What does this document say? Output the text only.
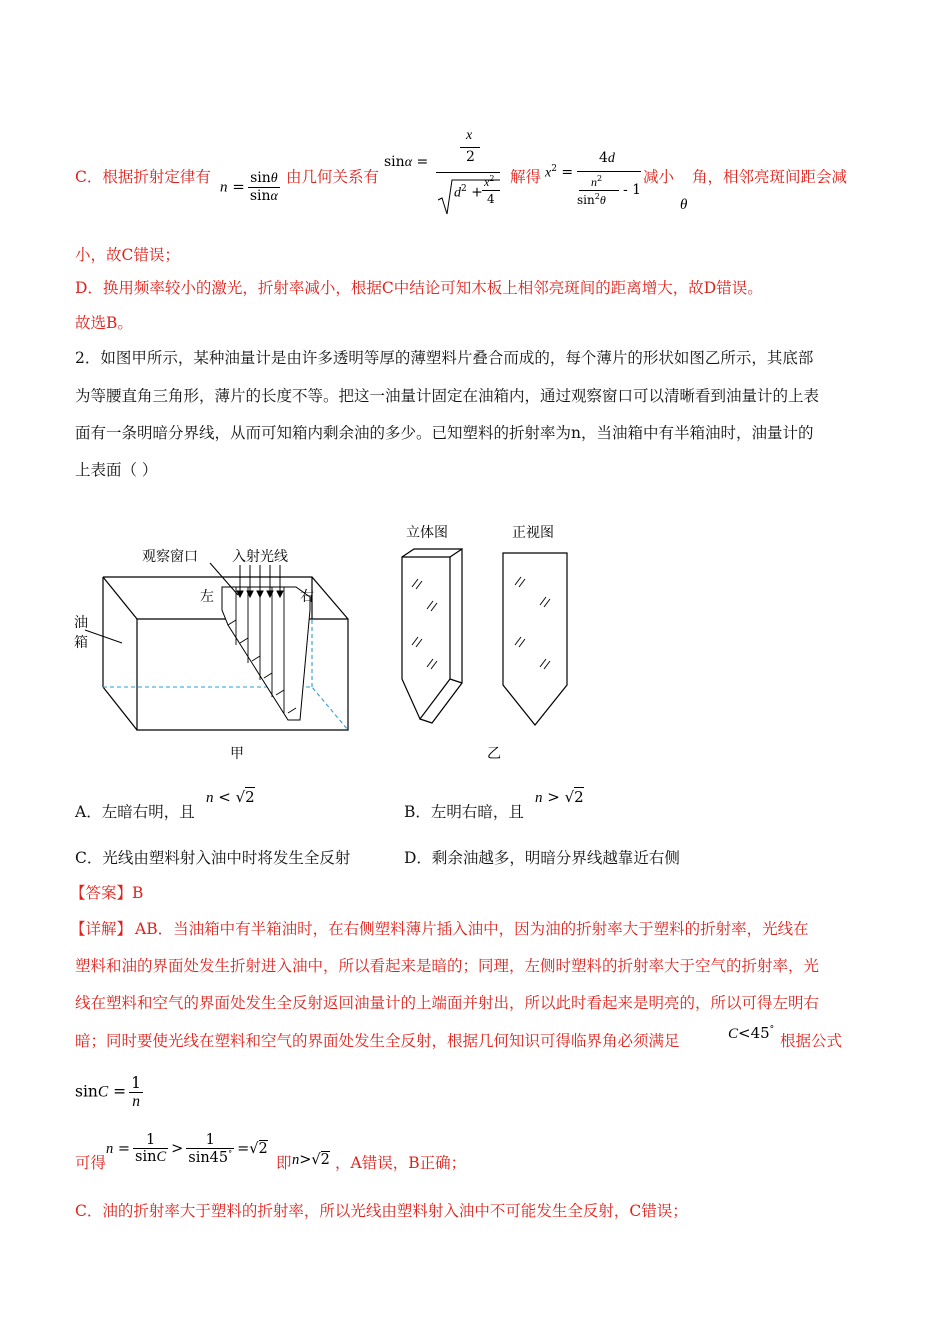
C．根据折射定律有
$n = \frac{\sin\theta}{\sin\alpha}$ 由几何关系有
sinα =
x
2
$d^2$ +
$x^2$
4
解得 $x^2$ =
4d
$n^2$
$\sin^2\theta$
- 1
减小 角，相邻亮斑间距会减
θ
小，故C错误；
D．换用频率较小的激光，折射率减小，根据C中结论可知木板上相邻亮斑间的距离增大，故D错误。
故选B。
2．如图甲所示，某种油量计是由许多透明等厚的薄塑料片叠合而成的，每个薄片的形状如图乙所示，其底部
为等腰直角三角形，薄片的长度不等。把这一油量计固定在油箱内，通过观察窗口可以清晰看到油量计的上表
面有一条明暗分界线，从而可知箱内剩余油的多少。已知塑料的折射率为n，当油箱中有半箱油时，油量计的
上表面（ ）
观察窗口 入射光线
左	右
油
箱
甲
立体图	正视图
乙
A．左暗右明，且
n < √2
B．左明右暗，且
n > √2
C．光线由塑料射入油中时将发生全反射	D．剩余油越多，明暗分界线越靠近右侧
【答案】B
【详解】 AB．当油箱中有半箱油时，在右侧塑料薄片插入油中，因为油的折射率大于塑料的折射率，光线在
塑料和油的界面处发生折射进入油中，所以看起来是暗的；同理，左侧时塑料的折射率大于空气的折射率，光
线在塑料和空气的界面处发生全反射返回油量计的上端面并射出，所以此时看起来是明亮的，所以可得左明右
暗；同时要使光线在塑料和空气的界面处发生全反射，根据几何知识可得临界角必须满足	C<45°
根据公式
$\sin C = \frac{1}{n}$
可得
$n = \frac{1}{\sin C} > \frac{1}{\sin 45^\circ} =√2$
即 n>√2 ，A错误，B正确；
C．油的折射率大于塑料的折射率，所以光线由塑料射入油中不可能发生全反射，C错误；
